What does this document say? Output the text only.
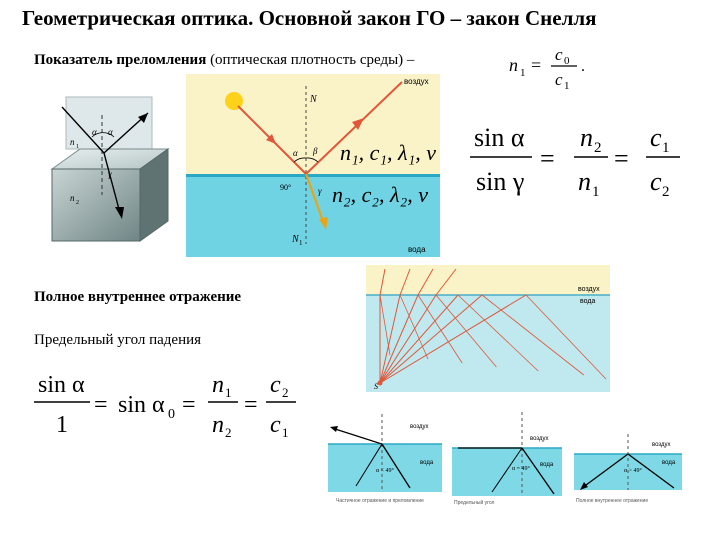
Геометрическая оптика. Основной закон ГО – закон Снелля
Показатель преломления (оптическая плотность среды) –	n 1 =
c 0
c 1
.
n 1
n 2
α α
γ
воздух
вода
N
N 1
α β
γ
90°
n₁, c₁, λ₁, ν
n₂, c₂, λ₂, ν
sin α
sin γ
=
n 2
n 1
=
c 1
c 2
Полное внутреннее отражение
Предельный угол падения
S
воздух
вода
sin α
1
= sin α 0 =
n 1
n 2
=
c 2
c 1	воздух
вода
α < 49°
Частичное отражение и преломление
воздух
вода
α = 49°
Предельный угол
воздух
вода
α > 49°
Полное внутреннее отражение
